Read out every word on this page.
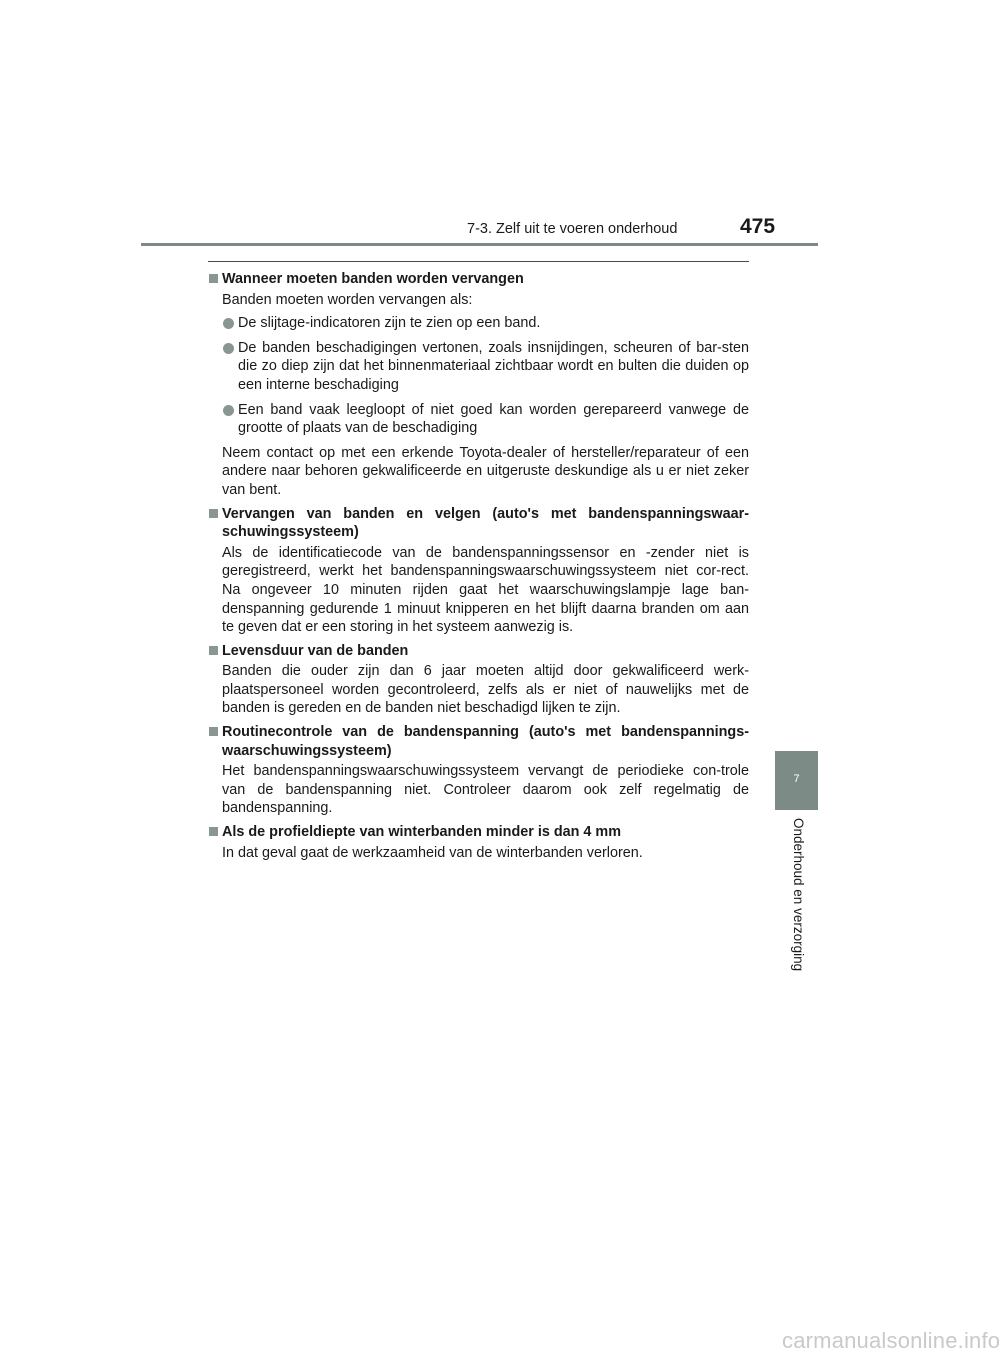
7-3. Zelf uit te voeren onderhoud	475
Wanneer moeten banden worden vervangen
Banden moeten worden vervangen als:
De slijtage-indicatoren zijn te zien op een band.
De banden beschadigingen vertonen, zoals insnijdingen, scheuren of bar-sten die zo diep zijn dat het binnenmateriaal zichtbaar wordt en bulten die duiden op een interne beschadiging
Een band vaak leegloopt of niet goed kan worden gerepareerd vanwege de grootte of plaats van de beschadiging
Neem contact op met een erkende Toyota-dealer of hersteller/reparateur of een andere naar behoren gekwalificeerde en uitgeruste deskundige als u er niet zeker van bent.
Vervangen van banden en velgen (auto's met bandenspanningswaar-schuwingssysteem)
Als de identificatiecode van de bandenspanningssensor en -zender niet is geregistreerd, werkt het bandenspanningswaarschuwingssysteem niet cor-rect. Na ongeveer 10 minuten rijden gaat het waarschuwingslampje lage ban-denspanning gedurende 1 minuut knipperen en het blijft daarna branden om aan te geven dat er een storing in het systeem aanwezig is.
Levensduur van de banden
Banden die ouder zijn dan 6 jaar moeten altijd door gekwalificeerd werk-plaatspersoneel worden gecontroleerd, zelfs als er niet of nauwelijks met de banden is gereden en de banden niet beschadigd lijken te zijn.
Routinecontrole van de bandenspanning (auto's met bandenspannings-waarschuwingssysteem)
Het bandenspanningswaarschuwingssysteem vervangt de periodieke con-trole van de bandenspanning niet. Controleer daarom ook zelf regelmatig de bandenspanning.
Als de profieldiepte van winterbanden minder is dan 4 mm
In dat geval gaat de werkzaamheid van de winterbanden verloren.
7
Onderhoud en verzorging
carmanualsonline.info
